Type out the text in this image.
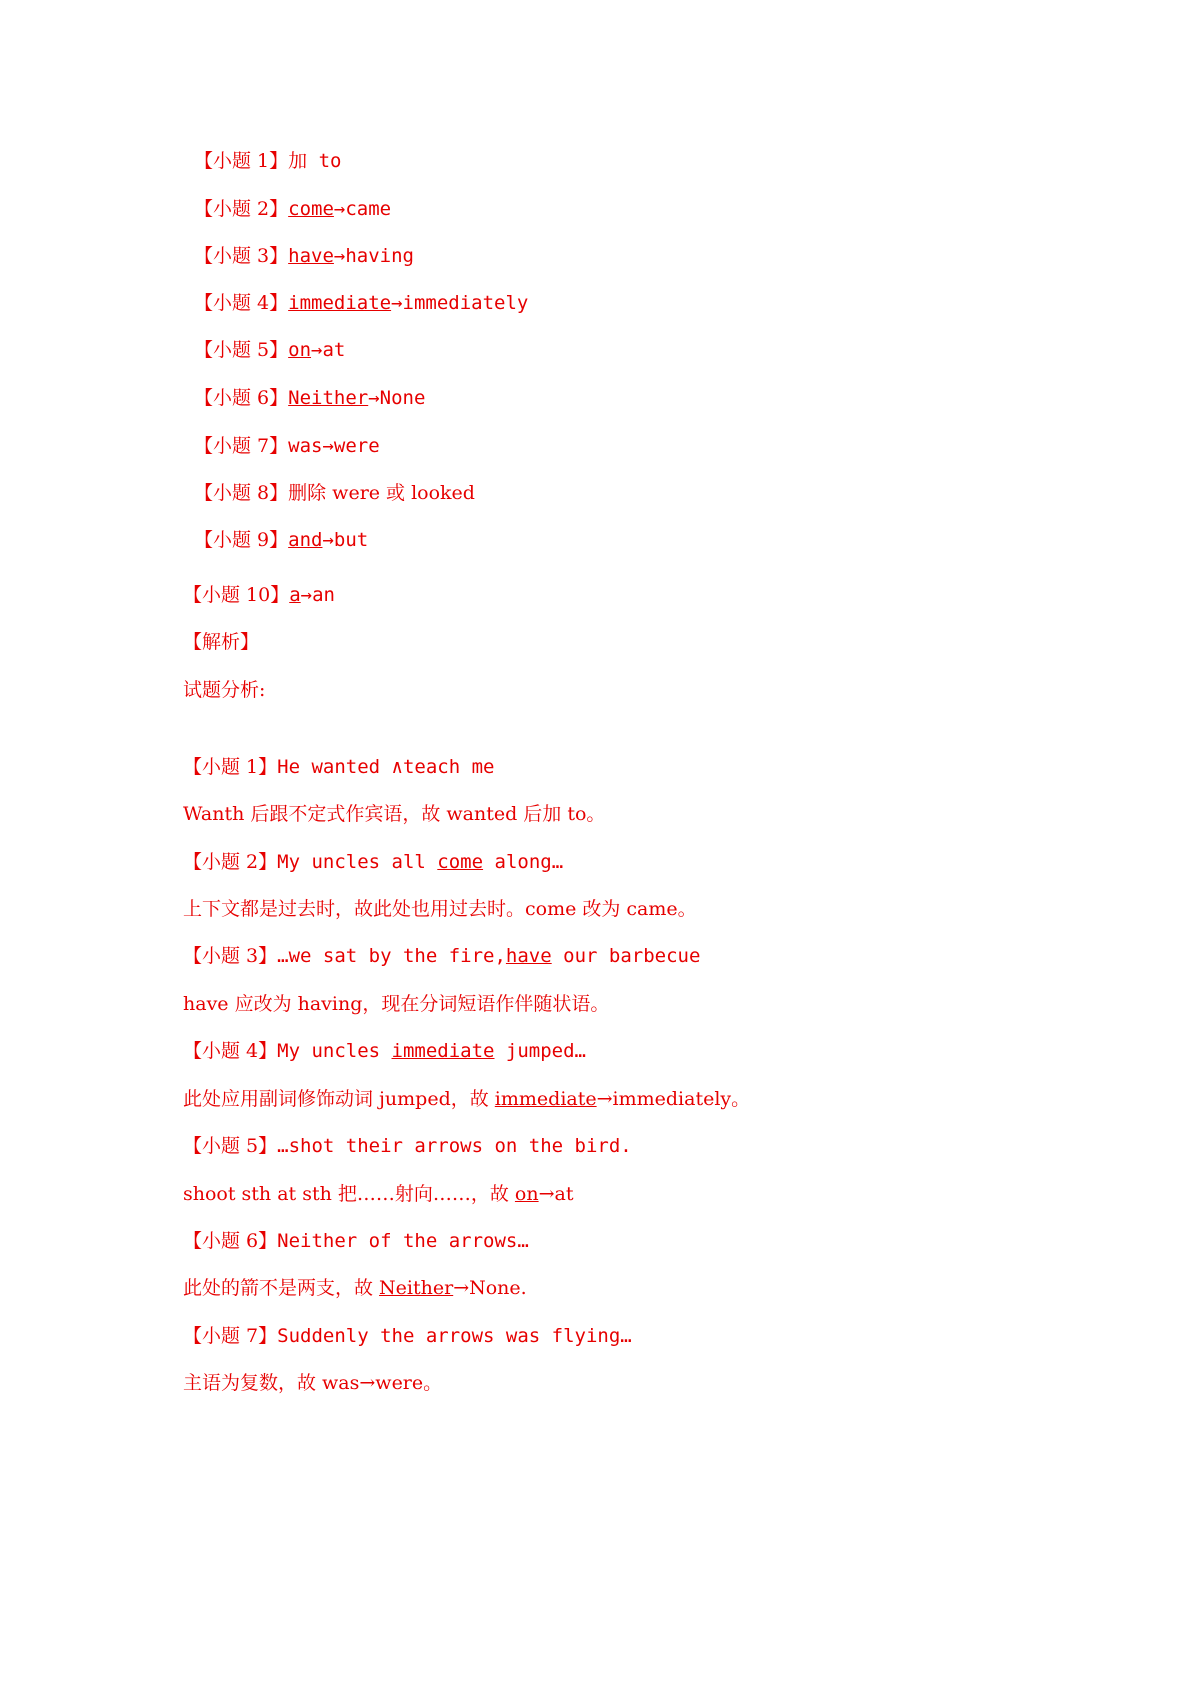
【小题 1】加 to
【小题 2】come→came
【小题 3】have→having
【小题 4】immediate→immediately
【小题 5】on→at
【小题 6】Neither→None
【小题 7】was→were
【小题 8】删除 were 或 looked
【小题 9】and→but
【小题 10】a→an
【解析】
试题分析:
【小题 1】He wanted ∧teach me
Wanth 后跟不定式作宾语，故 wanted 后加 to。
【小题 2】My uncles all come along…
上下文都是过去时，故此处也用过去时。come 改为 came。
【小题 3】…we sat by the fire,have our barbecue
have 应改为 having，现在分词短语作伴随状语。
【小题 4】My uncles immediate jumped…
此处应用副词修饰动词 jumped，故 immediate→immediately。
【小题 5】…shot their arrows on the bird.
shoot sth at sth 把……射向……，故 on→at
【小题 6】Neither of the arrows…
此处的箭不是两支，故 Neither→None.
【小题 7】Suddenly the arrows was flying…
主语为复数，故 was→were。
